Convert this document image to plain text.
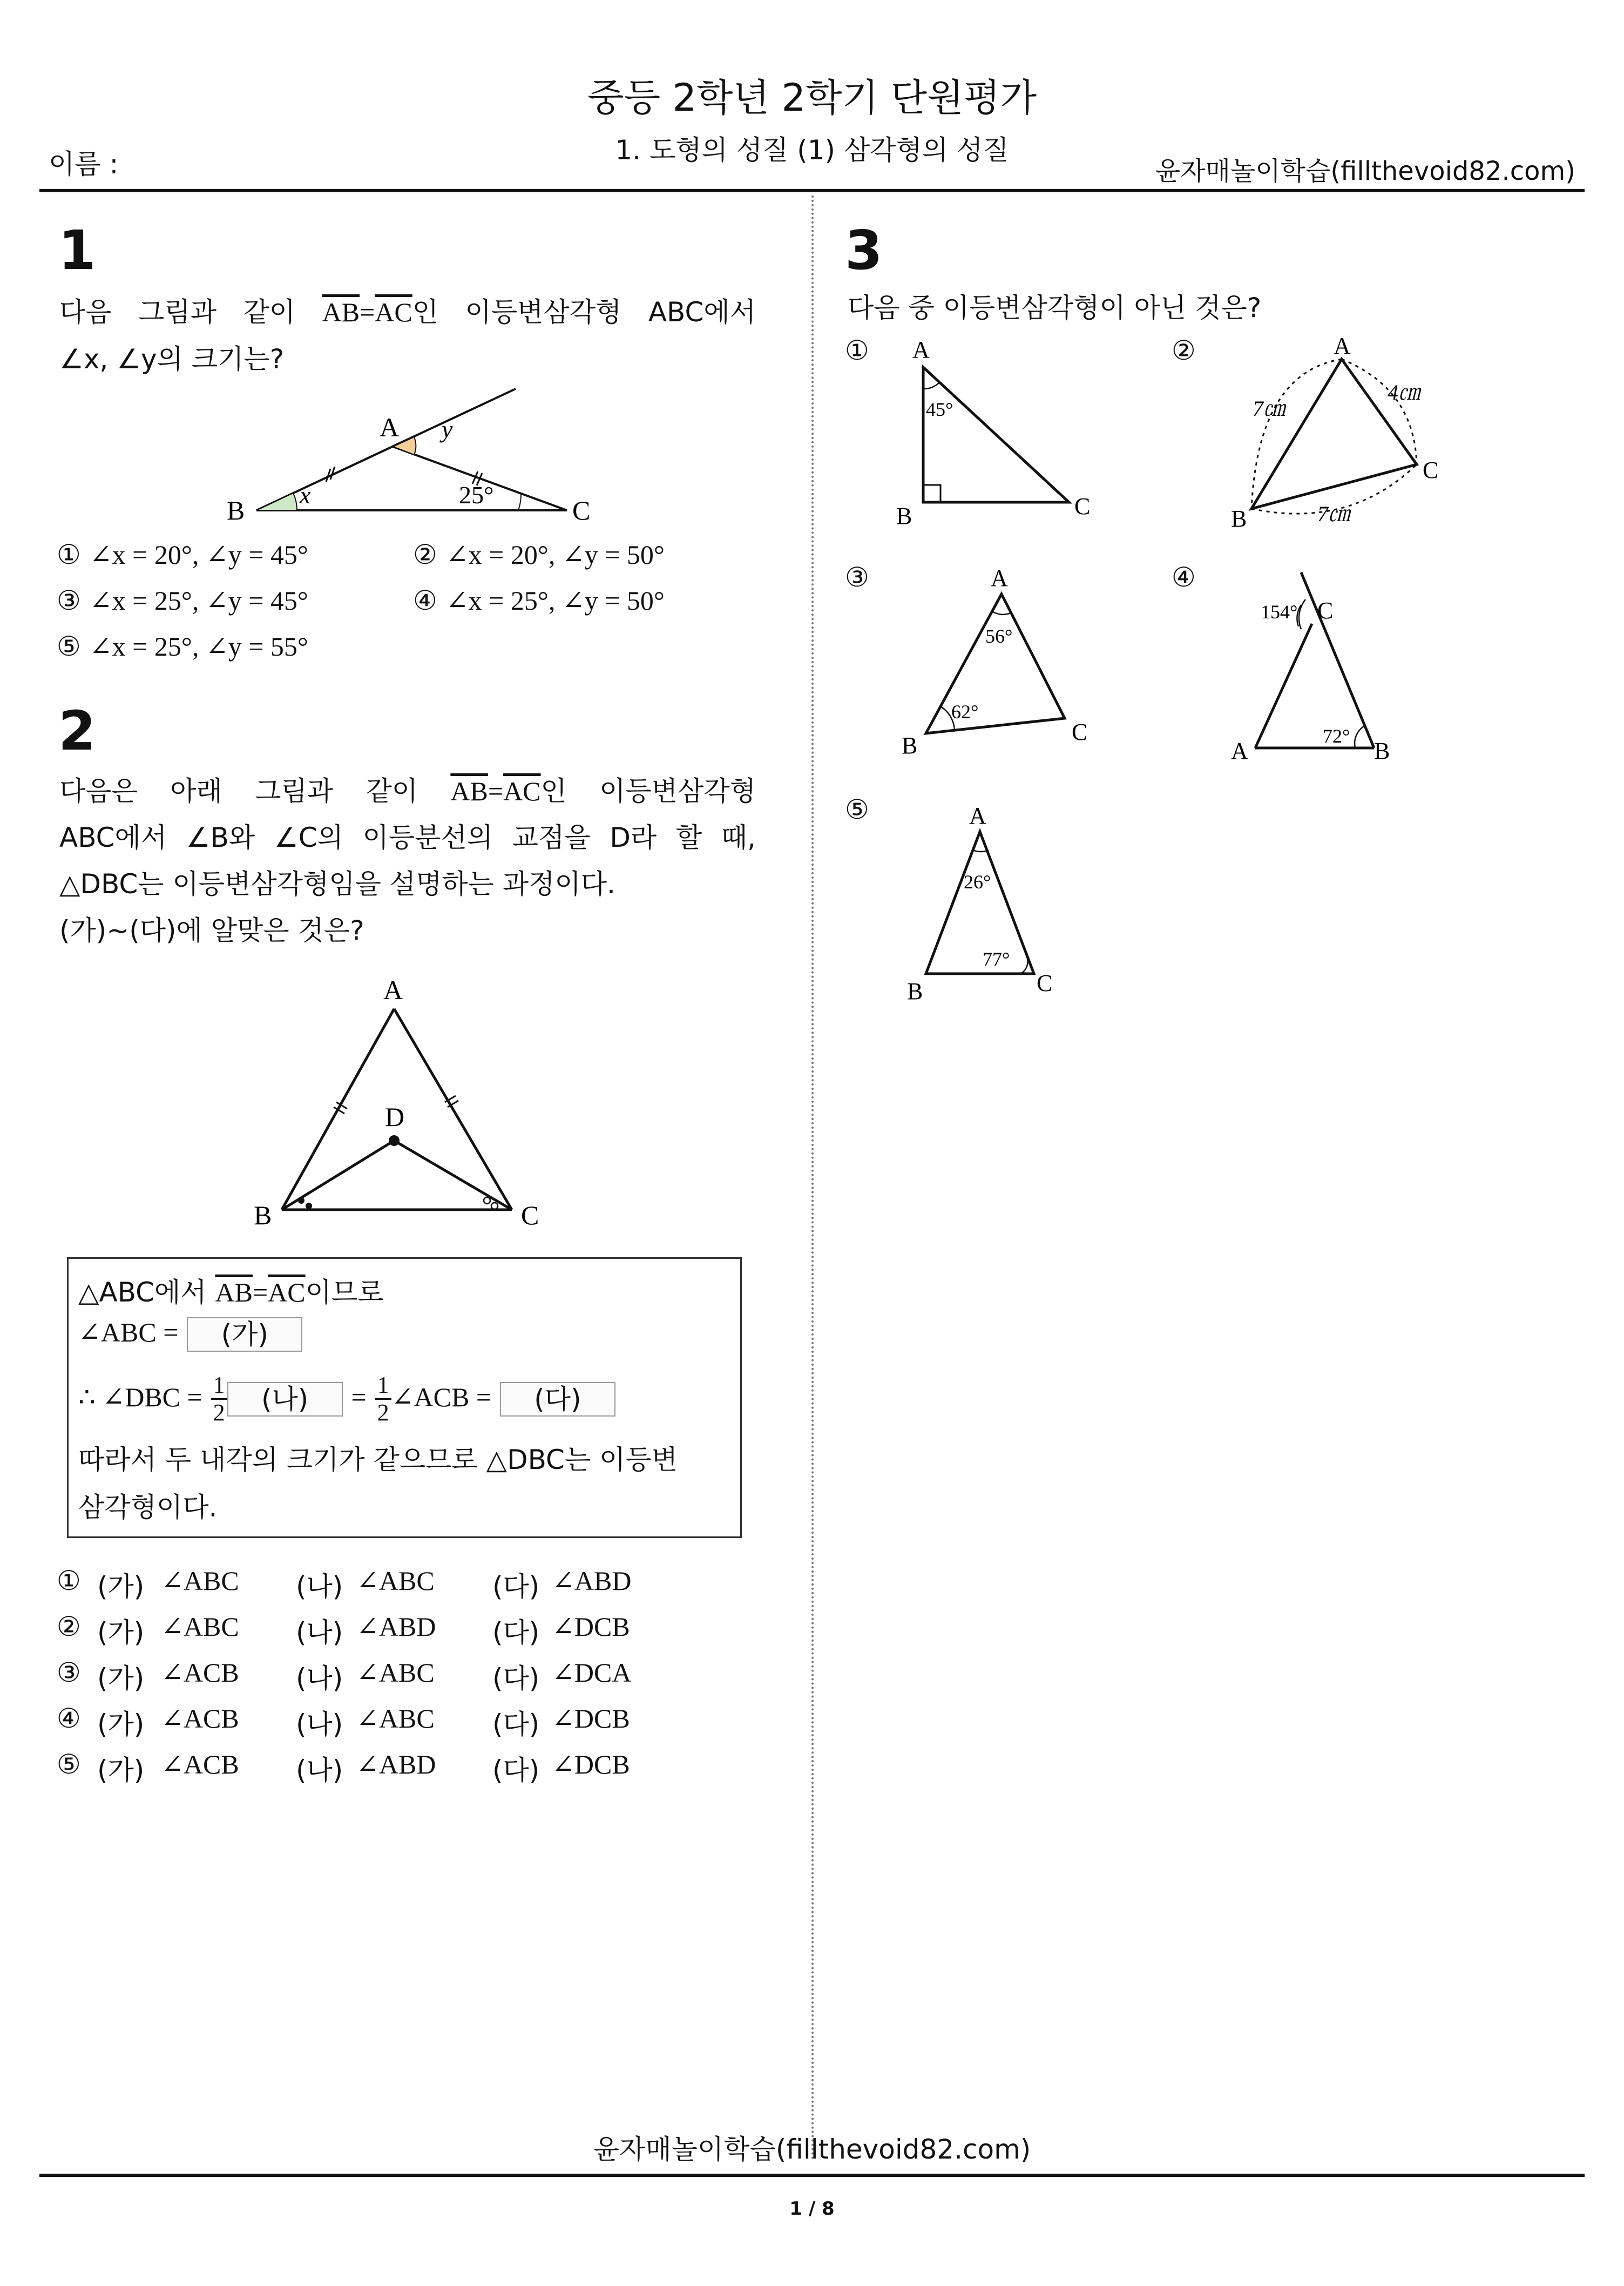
중등 2학년 2학기 단원평가
1. 도형의 성질 (1) 삼각형의 성질
이름 :	윤자매놀이학습(fillthevoid82.com)
1
다음 그림과 같이 $\overline{AB}=\overline{AC}$인 이등변삼각형 ABC에서
∠x, ∠y의 크기는?
A y
B
x	25°
C
① ∠x = 20°, ∠y = 45°	② ∠x = 20°, ∠y = 50°
③ ∠x = 25°, ∠y = 45°	④ ∠x = 25°, ∠y = 50°
⑤ ∠x = 25°, ∠y = 55°
2
다음은 아래 그림과 같이 $\overline{AB}=\overline{AC}$인 이등변삼각형
ABC에서 ∠B와 ∠C의 이등분선의 교점을 D라 할 때,
△DBC는 이등변삼각형임을 설명하는 과정이다.
(가)~(다)에 알맞은 것은?
A
D
B	C
△ABC에서 $\overline{AB}=\overline{AC}$이므로
∠ABC = (가)
∴ ∠DBC = $\frac{1}{2}$ (나) = $\frac{1}{2}$ ∠ACB = (다)
따라서 두 내각의 크기가 같으므로 △DBC는 이등변
삼각형이다.
① (가) ∠ABC (나) ∠ABC (다) ∠ABD
② (가) ∠ABC (나) ∠ABD (다) ∠DCB
③ (가) ∠ACB (나) ∠ABC (다) ∠DCA
④ (가) ∠ACB (나) ∠ABC (다) ∠DCB
⑤ (가) ∠ACB (나) ∠ABD (다) ∠DCB
3
다음 중 이등변삼각형이 아닌 것은?
① A
B	C
45°
②	A
B
C
7㎝
4㎝
7㎝
③	A
B
C
56°
62°
④
154° C
72°
A	B
⑤	A
26°
77°
B	C
윤자매놀이학습(fillthevoid82.com)
1 / 8
